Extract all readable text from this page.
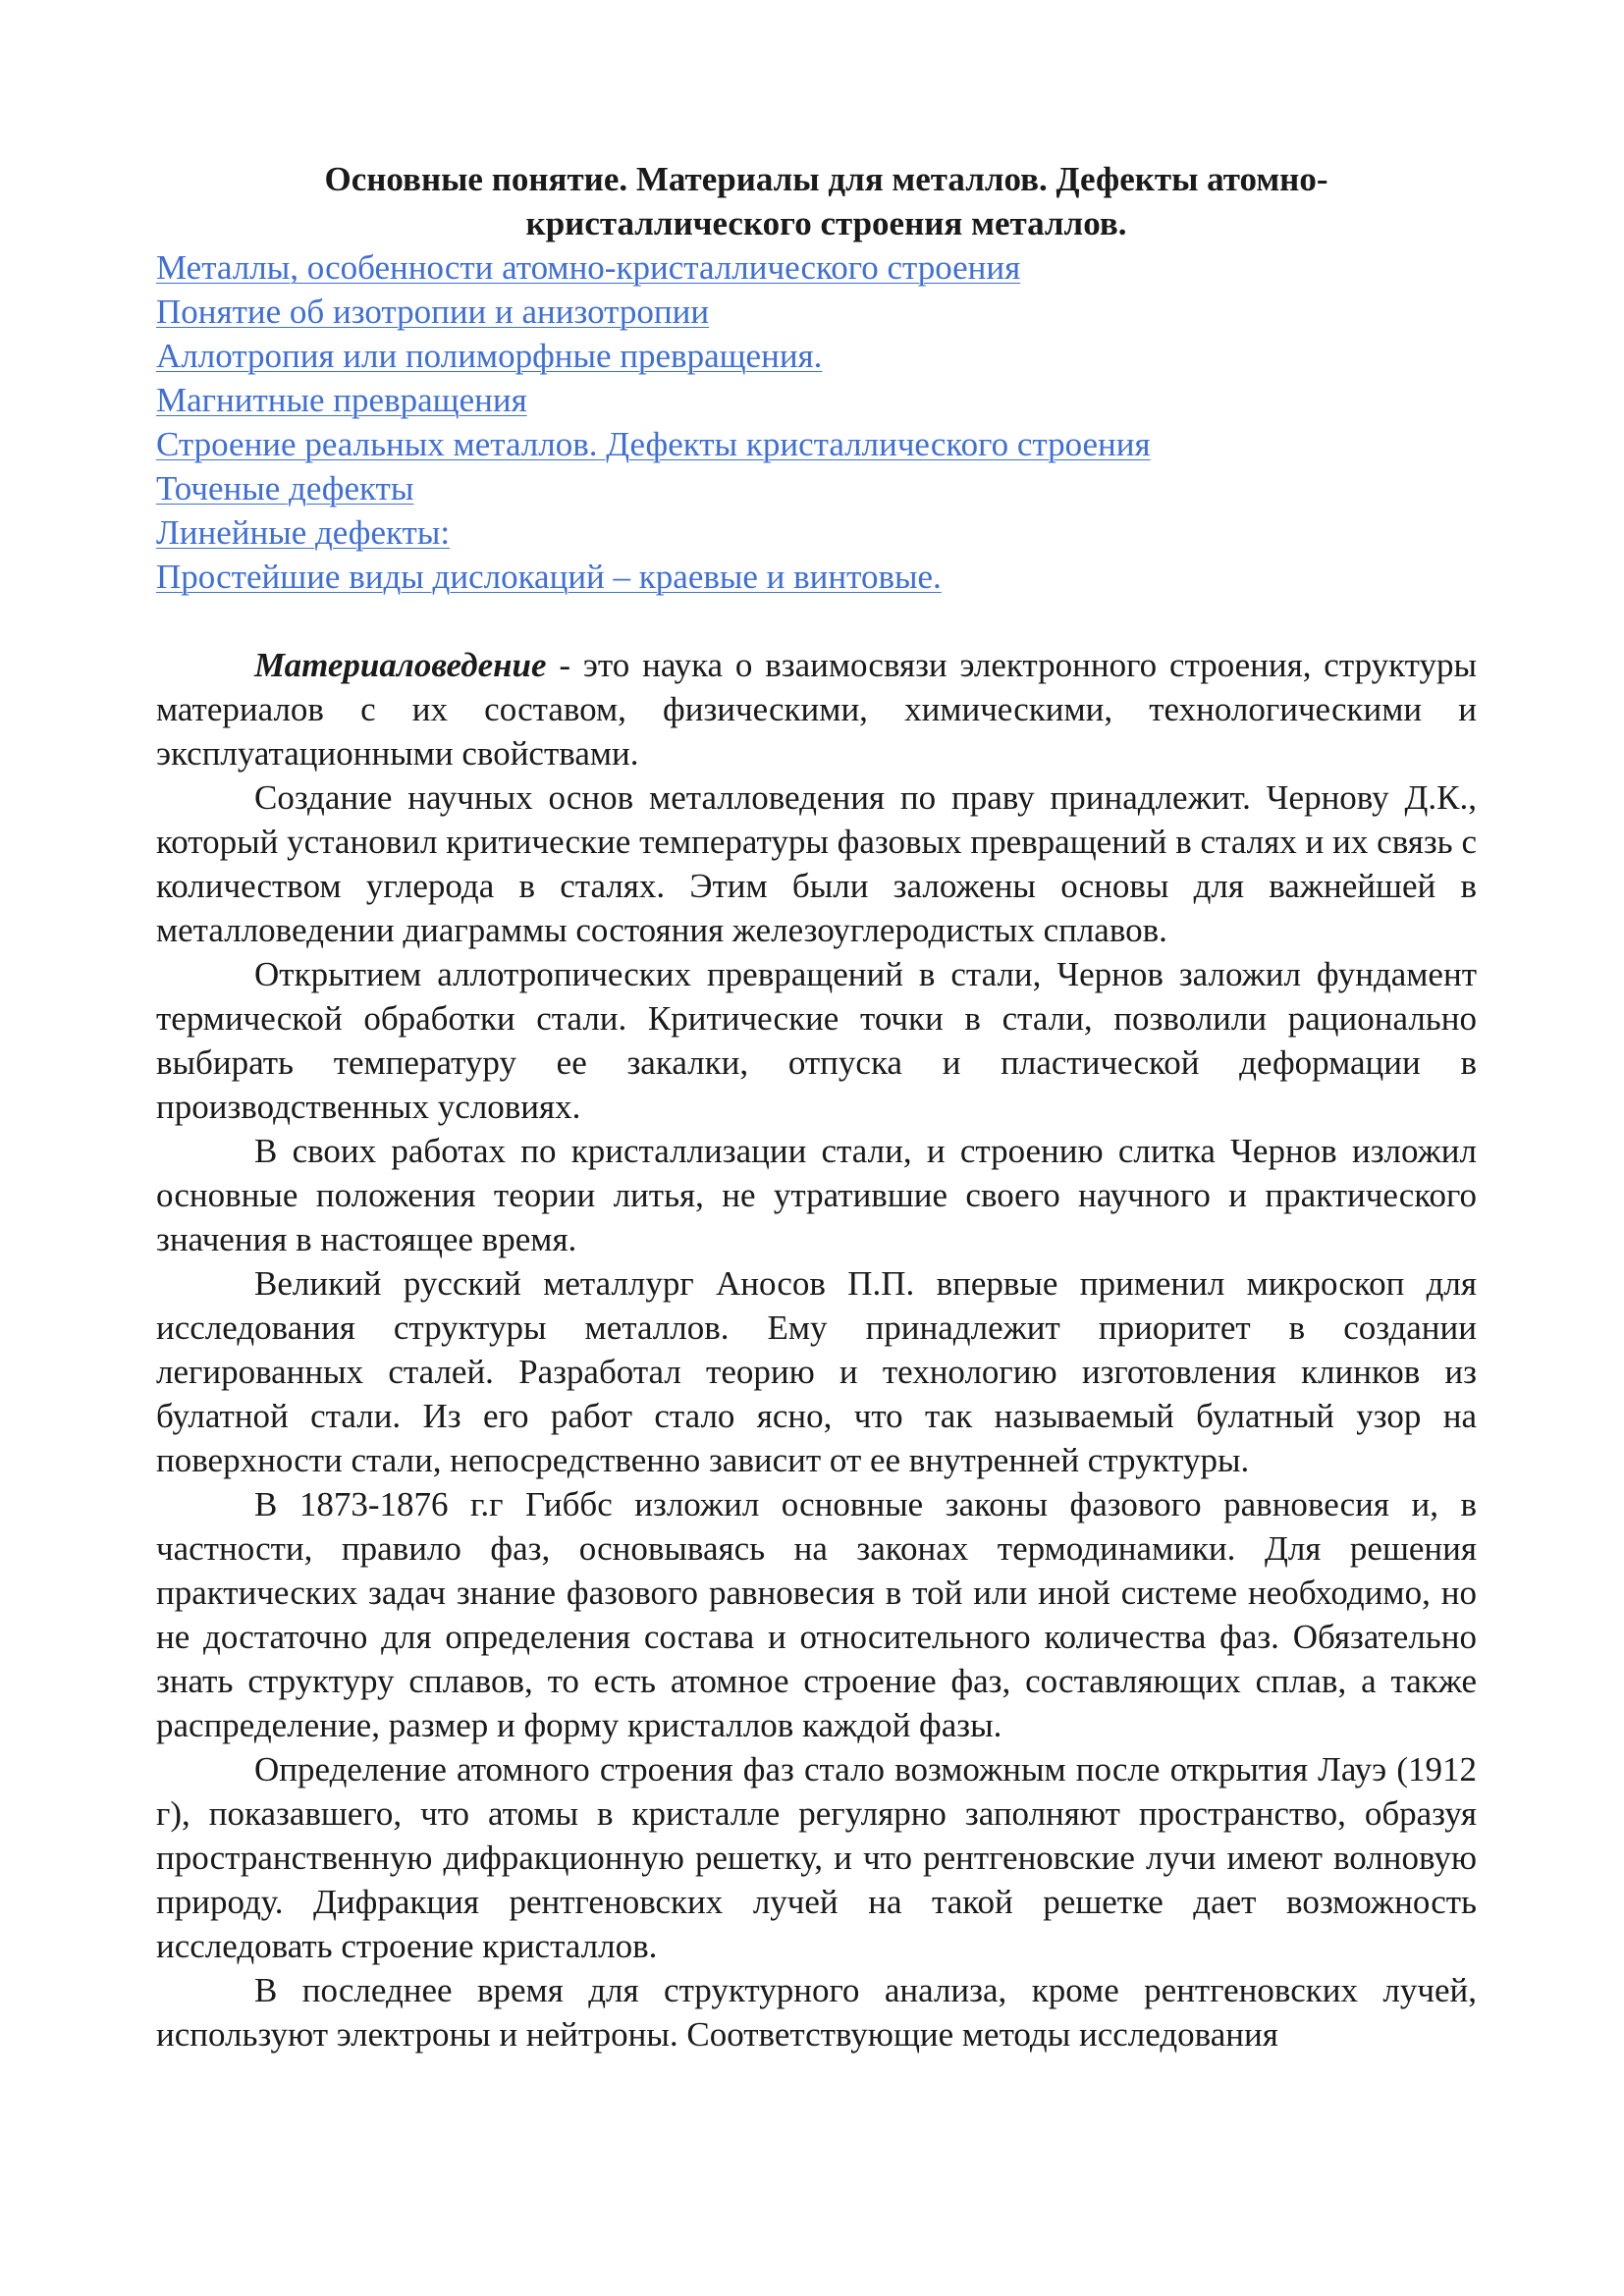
Основные понятие. Материалы для металлов. Дефекты атомно-кристаллического строения металлов.
Металлы, особенности атомно-кристаллического строения
Понятие об изотропии и анизотропии
Аллотропия или полиморфные превращения.
Магнитные превращения
Строение реальных металлов. Дефекты кристаллического строения
Точеные дефекты
Линейные дефекты:
Простейшие виды дислокаций – краевые и винтовые.

Материаловедение - это наука о взаимосвязи электронного строения, структуры материалов с их составом, физическими, химическими, технологическими и эксплуатационными свойствами.

Создание научных основ металловедения по праву принадлежит. Чернову Д.К., который установил критические температуры фазовых превращений в сталях и их связь с количеством углерода в сталях. Этим были заложены основы для важнейшей в металловедении диаграммы состояния железоуглеродистых сплавов.

Открытием аллотропических превращений в стали, Чернов заложил фундамент термической обработки стали. Критические точки в стали, позволили рационально выбирать температуру ее закалки, отпуска и пластической деформации в производственных условиях.

В своих работах по кристаллизации стали, и строению слитка Чернов изложил основные положения теории литья, не утратившие своего научного и практического значения в настоящее время.

Великий русский металлург Аносов П.П. впервые применил микроскоп для исследования структуры металлов. Ему принадлежит приоритет в создании легированных сталей. Разработал теорию и технологию изготовления клинков из булатной стали. Из его работ стало ясно, что так называемый булатный узор на поверхности стали, непосредственно зависит от ее внутренней структуры.

В 1873-1876 г.г Гиббс изложил основные законы фазового равновесия и, в частности, правило фаз, основываясь на законах термодинамики. Для решения практических задач знание фазового равновесия в той или иной системе необходимо, но не достаточно для определения состава и относительного количества фаз. Обязательно знать структуру сплавов, то есть атомное строение фаз, составляющих сплав, а также распределение, размер и форму кристаллов каждой фазы.

Определение атомного строения фаз стало возможным после открытия Лауэ (1912 г), показавшего, что атомы в кристалле регулярно заполняют пространство, образуя пространственную дифракционную решетку, и что рентгеновские лучи имеют волновую природу. Дифракция рентгеновских лучей на такой решетке дает возможность исследовать строение кристаллов.

В последнее время для структурного анализа, кроме рентгеновских лучей, используют электроны и нейтроны. Соответствующие методы исследования
